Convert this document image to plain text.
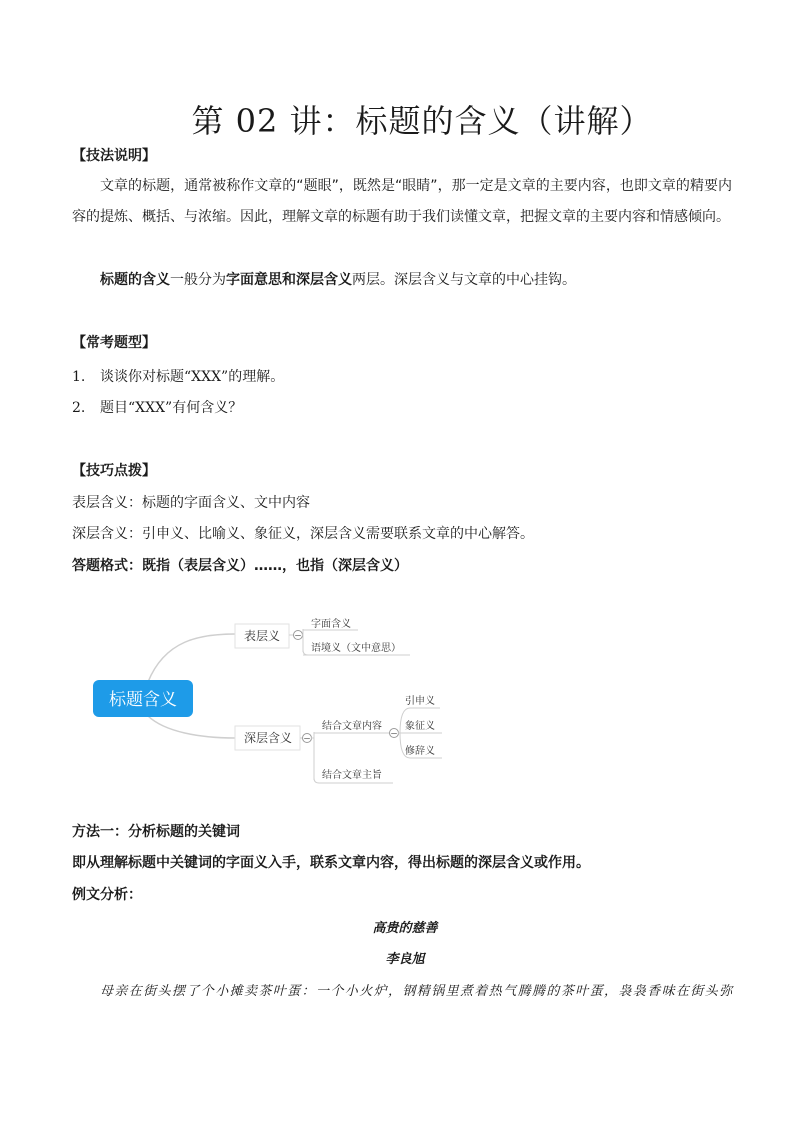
第 02 讲：标题的含义（讲解）
【技法说明】
文章的标题，通常被称作文章的“题眼”，既然是“眼睛”，那一定是文章的主要内容，也即文章的精要内容的提炼、概括、与浓缩。因此，理解文章的标题有助于我们读懂文章，把握文章的主要内容和情感倾向。
标题的含义一般分为字面意思和深层含义两层。深层含义与文章的中心挂钩。
【常考题型】
1. 谈谈你对标题“XXX”的理解。
2. 题目“XXX”有何含义？
【技巧点拨】
表层含义：标题的字面含义、文中内容
深层含义：引申义、比喻义、象征义，深层含义需要联系文章的中心解答。
答题格式：既指（表层含义）……，也指（深层含义）
标题含义
表层义 −
字面含义
语境义（文中意思）
深层含义 −
结合文章内容
结合文章主旨
−
引申义
象征义
修辞义
方法一：分析标题的关键词
即从理解标题中关键词的字面义入手，联系文章内容，得出标题的深层含义或作用。
例文分析：
高贵的慈善
李良旭
母亲在街头摆了个小摊卖茶叶蛋：一个小火炉，钢精锅里煮着热气腾腾的茶叶蛋，袅袅香味在街头弥
